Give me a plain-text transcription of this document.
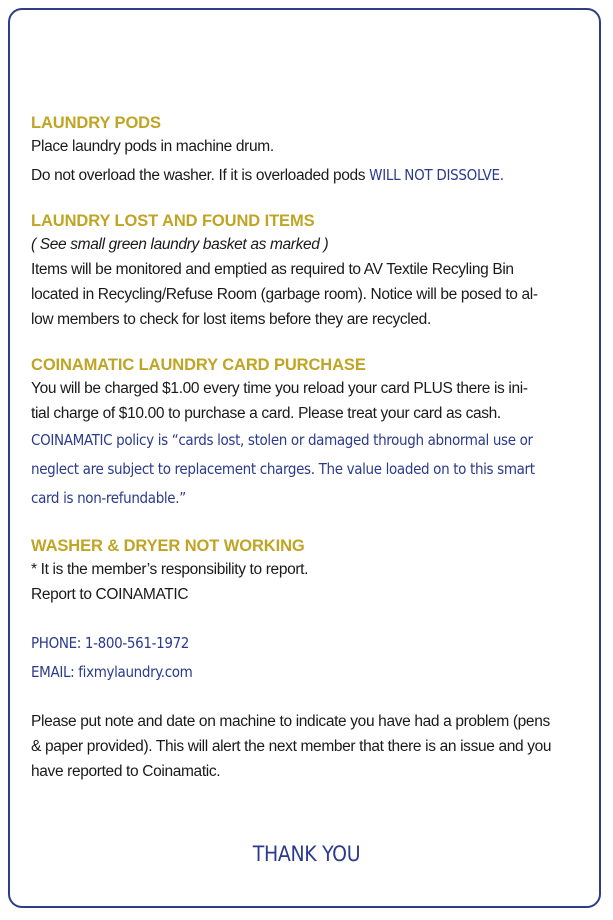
LAUNDRY PODS
Place laundry pods in machine drum.
Do not overload the washer. If it is overloaded pods WILL NOT DISSOLVE.
LAUNDRY LOST AND FOUND ITEMS
( See small green laundry basket as marked )
Items will be monitored and emptied as required to AV Textile Recyling Bin
located in Recycling/Refuse Room (garbage room). Notice will be posed to al-
low members to check for lost items before they are recycled.
COINAMATIC LAUNDRY CARD PURCHASE
You will be charged $1.00 every time you reload your card PLUS there is ini-
tial charge of $10.00 to purchase a card. Please treat your card as cash.
COINAMATIC policy is “cards lost, stolen or damaged through abnormal use or
neglect are subject to replacement charges. The value loaded on to this smart
card is non-refundable.”
WASHER & DRYER NOT WORKING
* It is the member’s responsibility to report.
Report to COINAMATIC
PHONE: 1-800-561-1972
EMAIL: fixmylaundry.com
Please put note and date on machine to indicate you have had a problem (pens
& paper provided). This will alert the next member that there is an issue and you
have reported to Coinamatic.
THANK YOU
